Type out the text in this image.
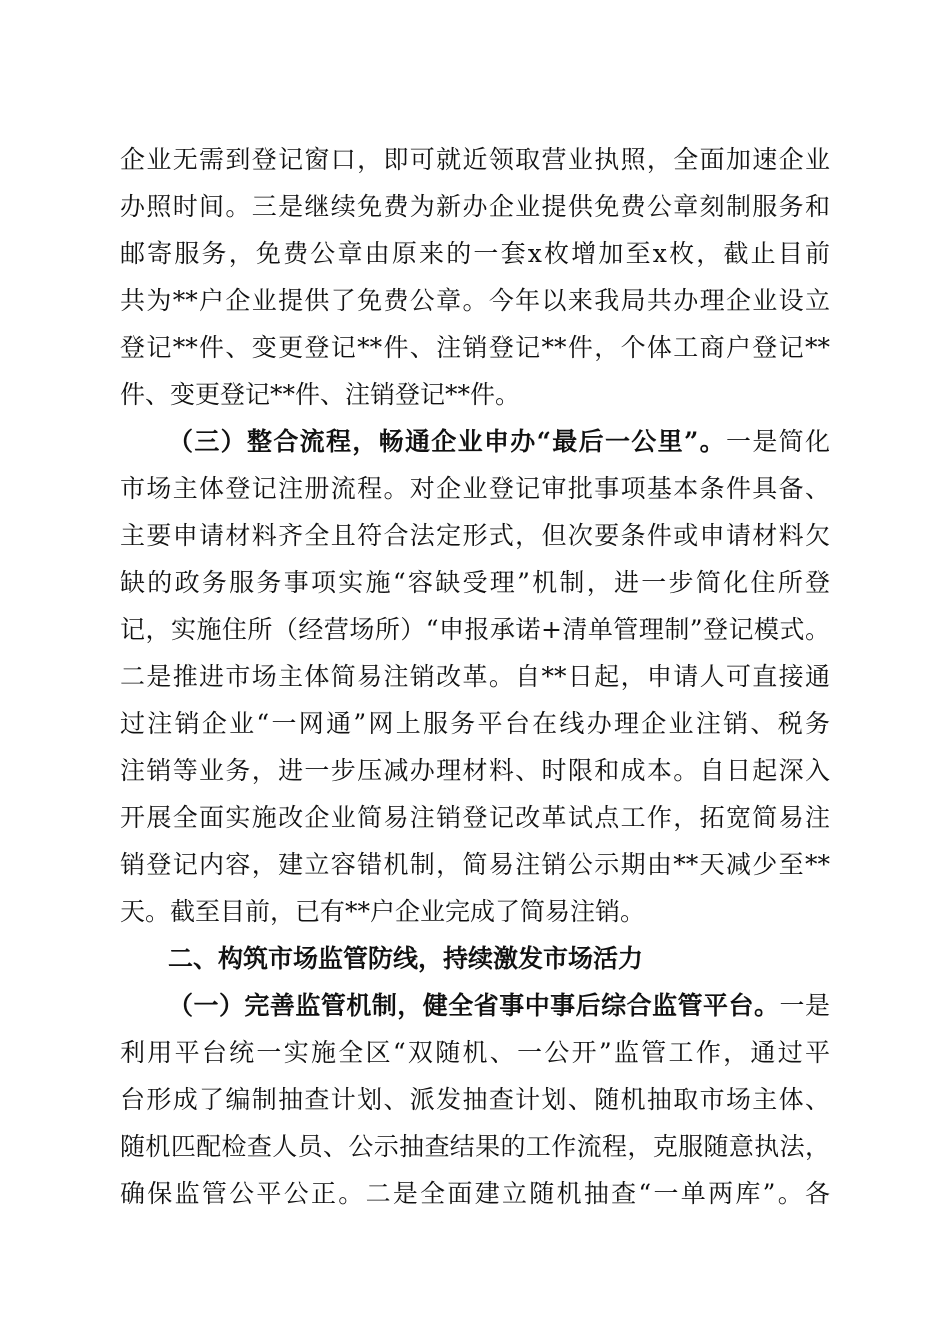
企业无需到登记窗口，即可就近领取营业执照，全面加速企业

办照时间。三是继续免费为新办企业提供免费公章刻制服务和

邮寄服务，免费公章由原来的一套x枚增加至x枚，截止目前

共为**户企业提供了免费公章。今年以来我局共办理企业设立

登记**件、变更登记**件、注销登记**件，个体工商户登记**

件、变更登记**件、注销登记**件。

（三）整合流程，畅通企业申办“最后一公里”。一是简化

市场主体登记注册流程。对企业登记审批事项基本条件具备、

主要申请材料齐全且符合法定形式，但次要条件或申请材料欠

缺的政务服务事项实施“容缺受理”机制，进一步简化住所登

记，实施住所（经营场所）“申报承诺+清单管理制”登记模式。

二是推进市场主体简易注销改革。自**日起，申请人可直接通

过注销企业“一网通”网上服务平台在线办理企业注销、税务

注销等业务，进一步压减办理材料、时限和成本。自日起深入

开展全面实施改企业简易注销登记改革试点工作，拓宽简易注

销登记内容，建立容错机制，简易注销公示期由**天减少至**

天。截至目前，已有**户企业完成了简易注销。

二、构筑市场监管防线，持续激发市场活力

（一）完善监管机制，健全省事中事后综合监管平台。一是

利用平台统一实施全区“双随机、一公开”监管工作，通过平

台形成了编制抽查计划、派发抽查计划、随机抽取市场主体、

随机匹配检查人员、公示抽查结果的工作流程，克服随意执法，

确保监管公平公正。二是全面建立随机抽查“一单两库”。各
